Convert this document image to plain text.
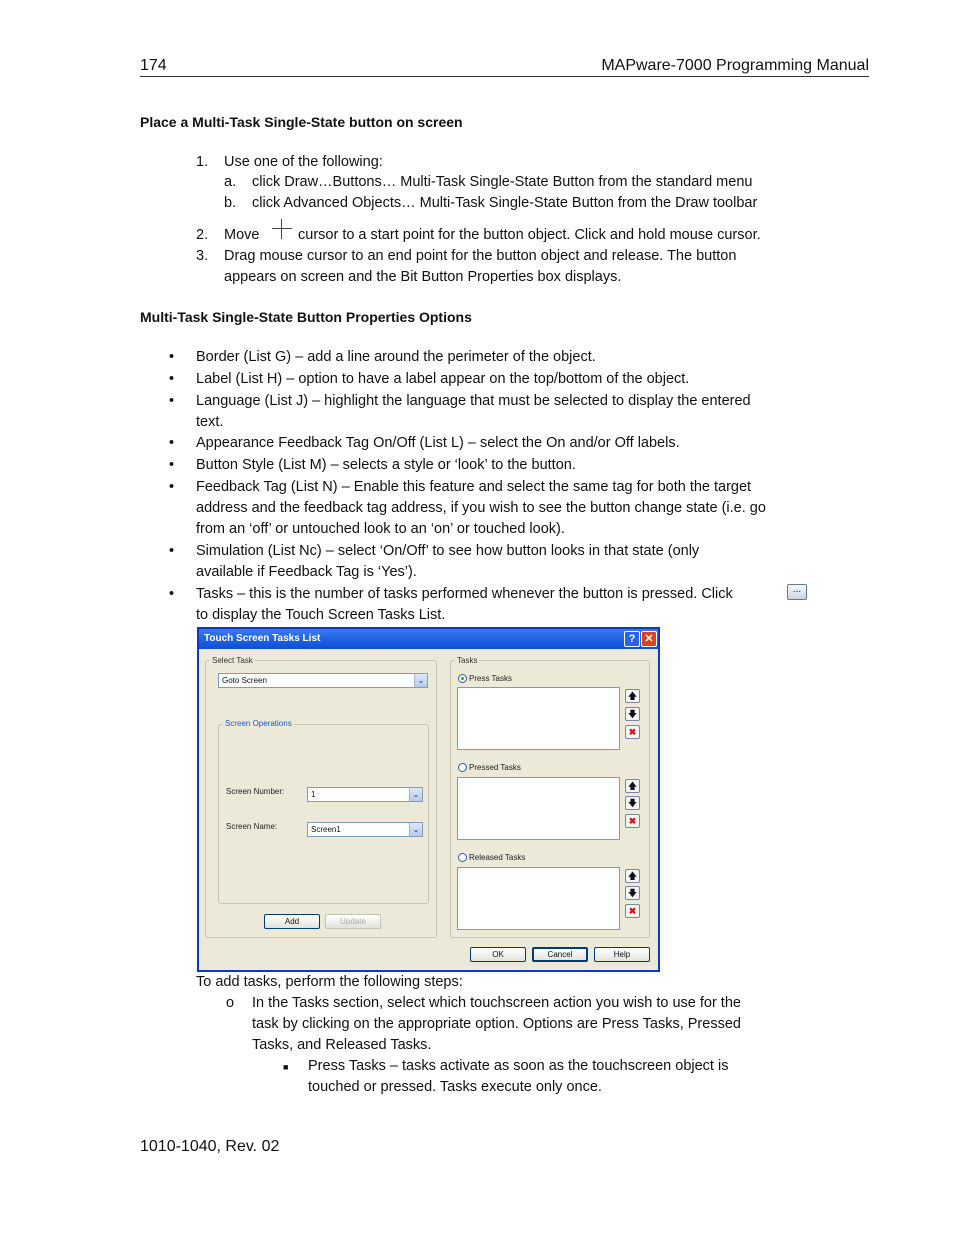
174	MAPware-7000 Programming Manual
Place a Multi-Task Single-State button on screen
1. Use one of the following:
a. click Draw…Buttons… Multi-Task Single-State Button from the standard menu
b. click Advanced Objects… Multi-Task Single-State Button from the Draw toolbar
2. Move	cursor to a start point for the button object. Click and hold mouse cursor.
3. Drag mouse cursor to an end point for the button object and release. The button
appears on screen and the Bit Button Properties box displays.
Multi-Task Single-State Button Properties Options
• Border (List G) – add a line around the perimeter of the object.
• Label (List H) – option to have a label appear on the top/bottom of the object.
• Language (List J) – highlight the language that must be selected to display the entered
text.
• Appearance Feedback Tag On/Off (List L) – select the On and/or Off labels.
• Button Style (List M) – selects a style or ‘look’ to the button.
• Feedback Tag (List N) – Enable this feature and select the same tag for both the target
address and the feedback tag address, if you wish to see the button change state (i.e. go
from an ‘off’ or untouched look to an ‘on’ or touched look).
• Simulation (List Nc) – select ‘On/Off’ to see how button looks in that state (only
available if Feedback Tag is ‘Yes’).
• Tasks – this is the number of tasks performed whenever the button is pressed. Click	...
to display the Touch Screen Tasks List.
Touch Screen Tasks List	? ✕
Select Task
Goto Screen	⌄
Screen Operations
Screen Number:	1	⌄
Screen Name:	Screen1	⌄
Add	Update
Tasks
Press Tasks
🡅
🡇
✖
Pressed Tasks
🡅
🡇
✖
Released Tasks
🡅
🡇
✖
OK	Cancel	Help
To add tasks, perform the following steps:
o In the Tasks section, select which touchscreen action you wish to use for the
task by clicking on the appropriate option. Options are Press Tasks, Pressed
Tasks, and Released Tasks.
■ Press Tasks – tasks activate as soon as the touchscreen object is
touched or pressed. Tasks execute only once.
1010-1040, Rev. 02
